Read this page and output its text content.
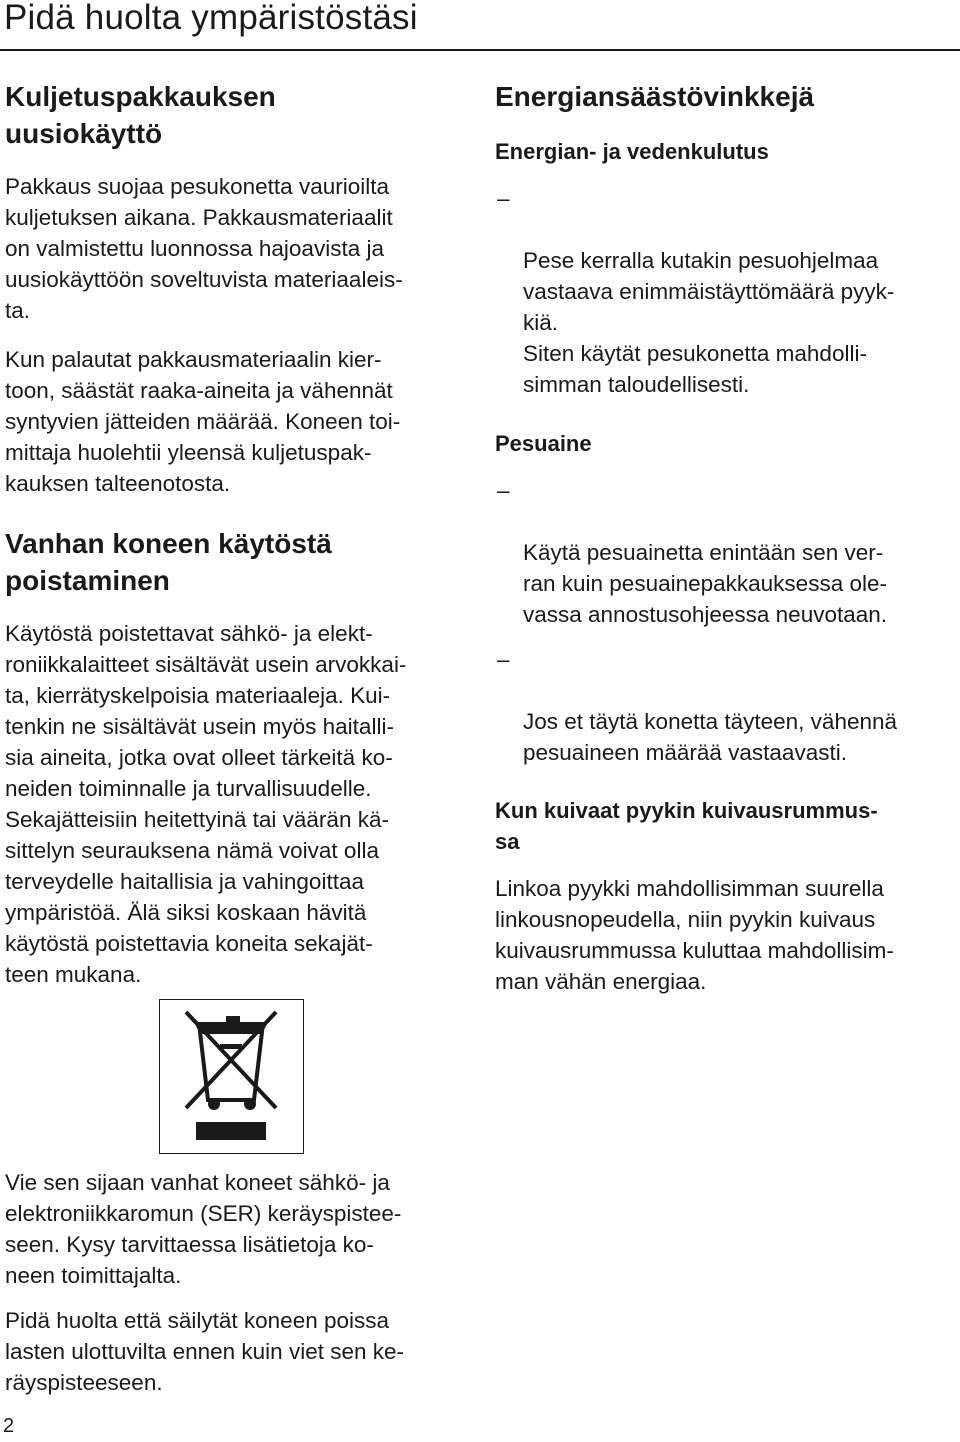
Pidä huolta ympäristöstäsi
Kuljetuspakkauksen
uusiokäyttö

Pakkaus suojaa pesukonetta vaurioilta
kuljetuksen aikana. Pakkausmateriaalit
on valmistettu luonnossa hajoavista ja
uusiokäyttöön soveltuvista materiaaleis-
ta.

Kun palautat pakkausmateriaalin kier-
toon, säästät raaka-aineita ja vähennät
syntyvien jätteiden määrää. Koneen toi-
mittaja huolehtii yleensä kuljetuspak-
kauksen talteenotosta.

Vanhan koneen käytöstä
poistaminen

Käytöstä poistettavat sähkö- ja elekt-
roniikkalaitteet sisältävät usein arvokkai-
ta, kierrätyskelpoisia materiaaleja. Kui-
tenkin ne sisältävät usein myös haitalli-
sia aineita, jotka ovat olleet tärkeitä ko-
neiden toiminnalle ja turvallisuudelle.
Sekajätteisiin heitettyinä tai väärän kä-
sittelyn seurauksena nämä voivat olla
terveydelle haitallisia ja vahingoittaa
ympäristöä. Älä siksi koskaan hävitä
käytöstä poistettavia koneita sekajät-
teen mukana.

Vie sen sijaan vanhat koneet sähkö- ja
elektroniikkaromun (SER) keräyspistee-
seen. Kysy tarvittaessa lisätietoja ko-
neen toimittajalta.

Pidä huolta että säilytät koneen poissa
lasten ulottuvilta ennen kuin viet sen ke-
räyspisteeseen.

Energiansäästövinkkejä
Energian- ja vedenkulutus

–

Pese kerralla kutakin pesuohjelmaa
vastaava enimmäistäyttömäärä pyyk-
kiä.
Siten käytät pesukonetta mahdolli-
simman taloudellisesti.

Pesuaine

–

Käytä pesuainetta enintään sen ver-
ran kuin pesuainepakkauksessa ole-
vassa annostusohjeessa neuvotaan.

–

Jos et täytä konetta täyteen, vähennä
pesuaineen määrää vastaavasti.

Kun kuivaat pyykin kuivausrummus-
sa

Linkoa pyykki mahdollisimman suurella
linkousnopeudella, niin pyykin kuivaus
kuivausrummussa kuluttaa mahdollisim-
man vähän energiaa.

2
